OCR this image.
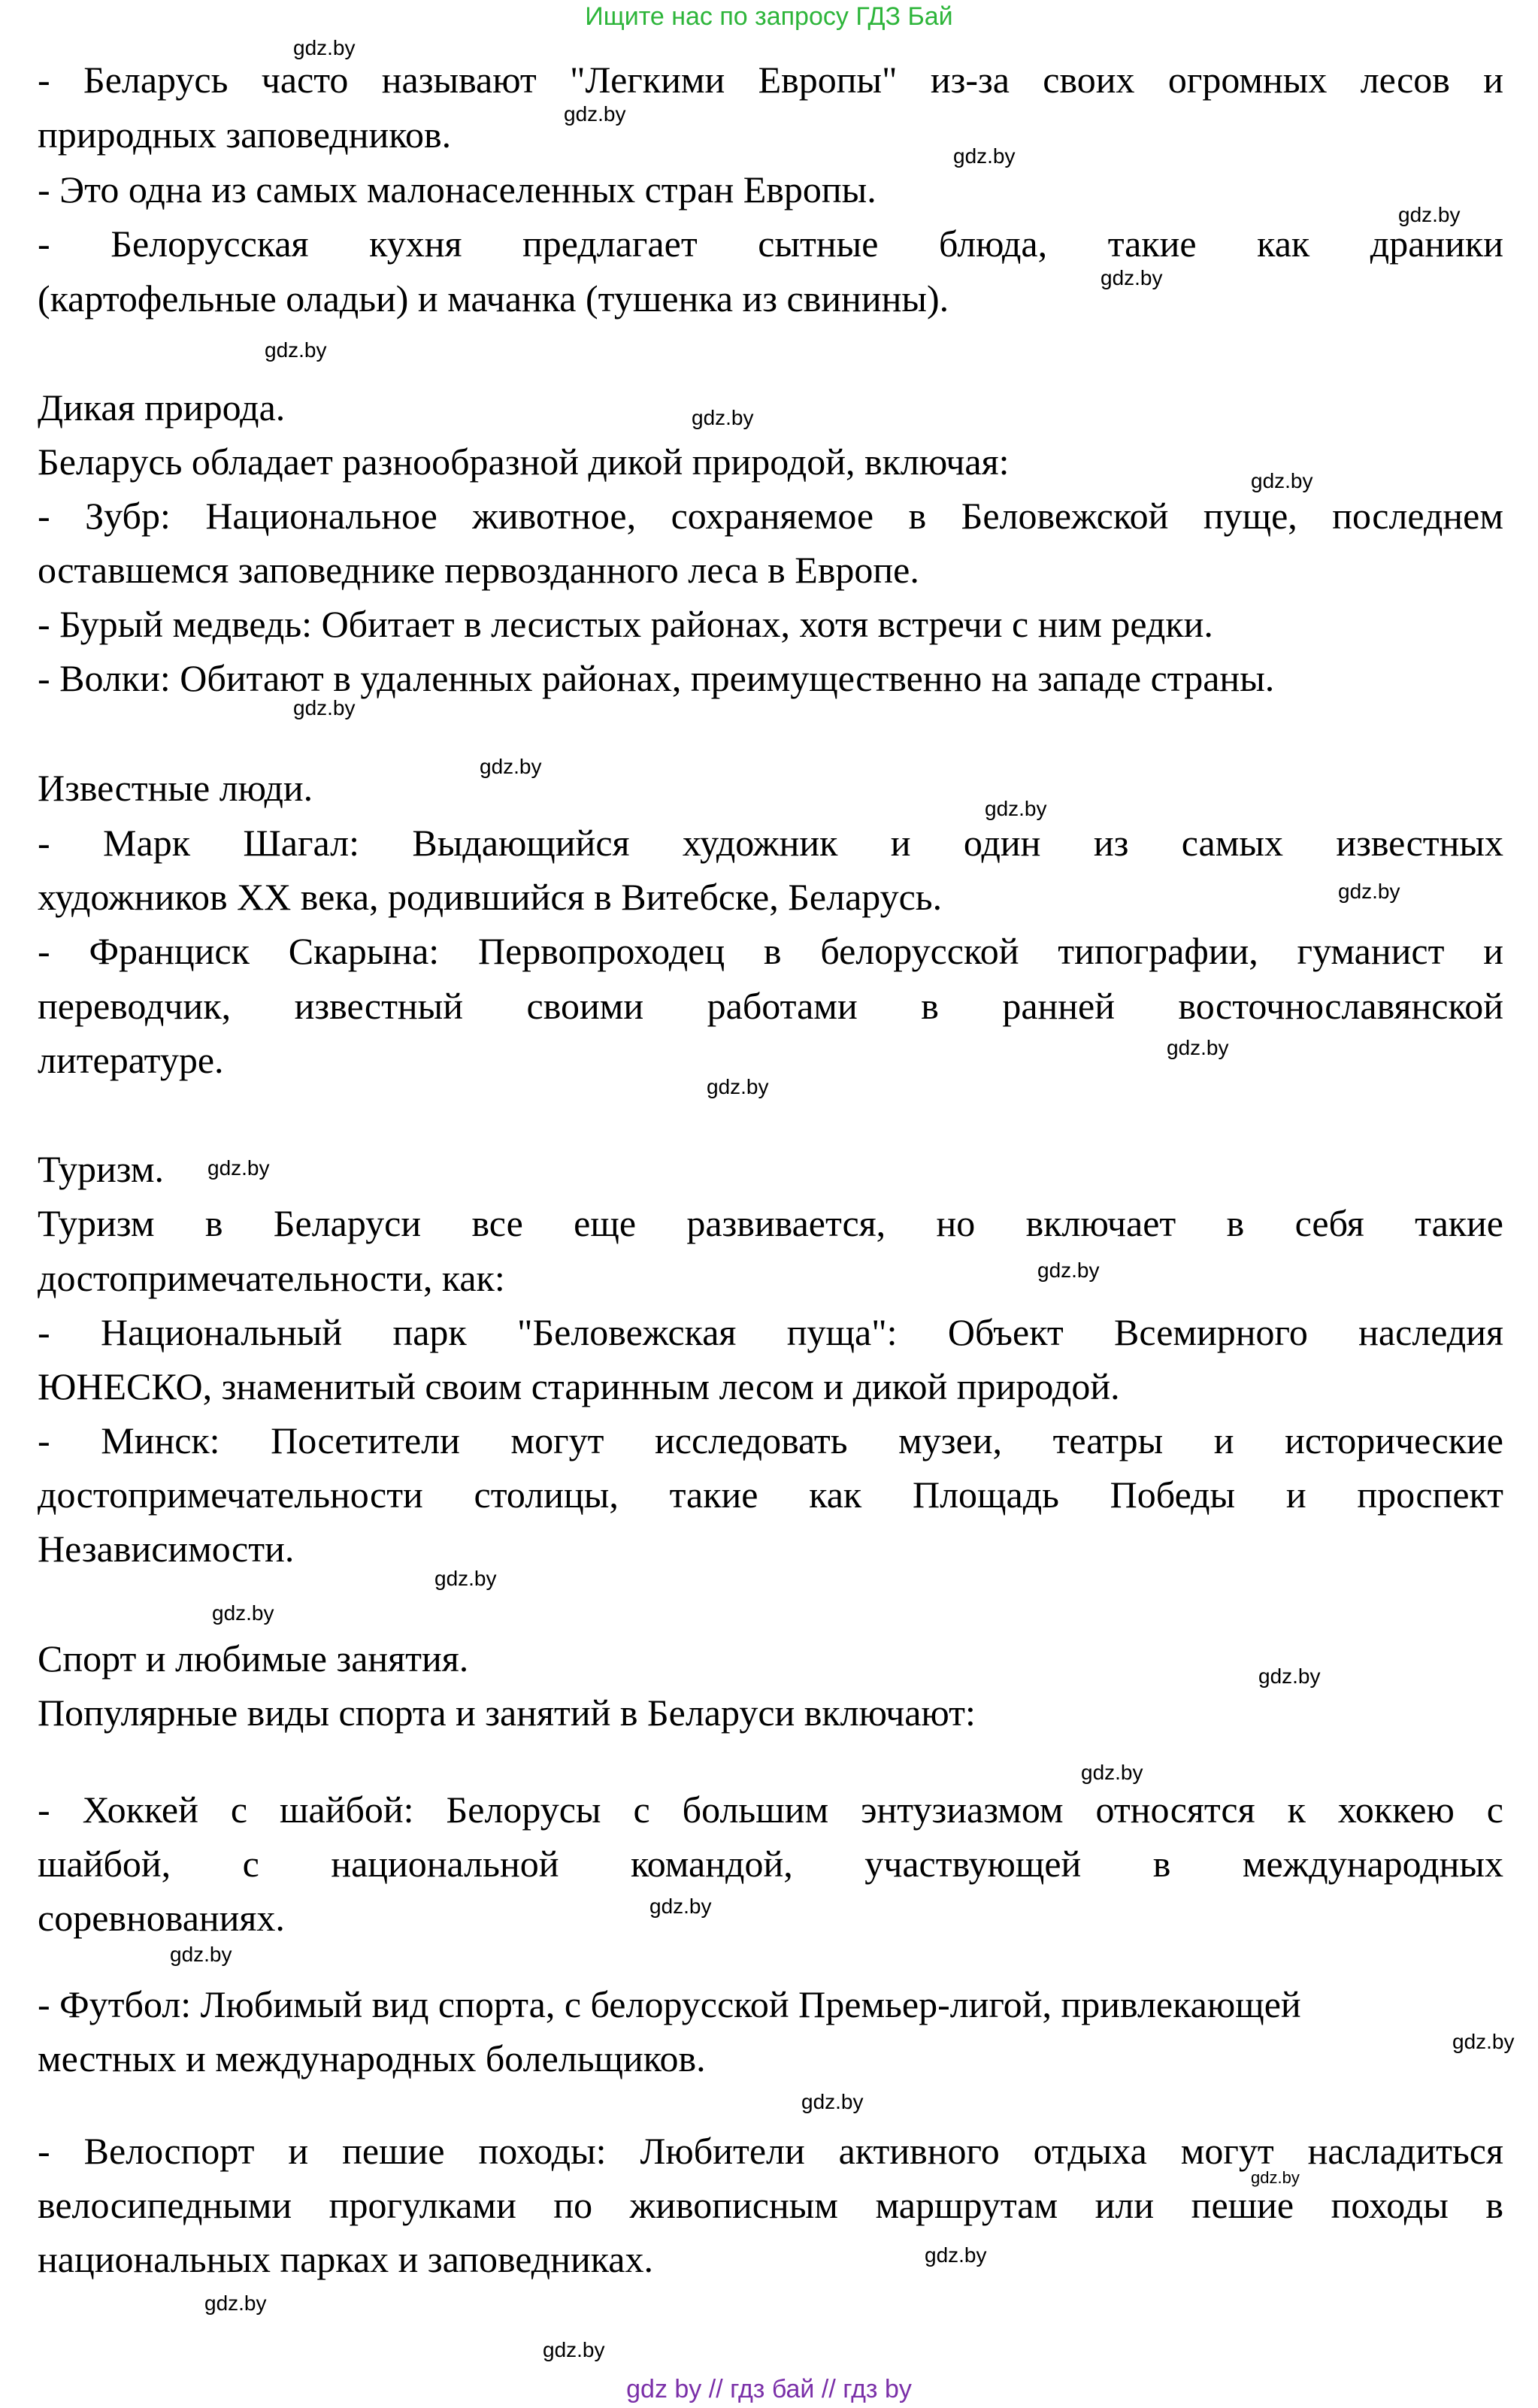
Ищите нас по запросу ГДЗ Бай

- Беларусь часто называют "Легкими Европы" из-за своих огромных лесов и

природных заповедников.

- Это одна из самых малонаселенных стран Европы.

- Белорусская кухня предлагает сытные блюда, такие как драники

(картофельные оладьи) и мачанка (тушенка из свинины).

Дикая природа.

Беларусь обладает разнообразной дикой природой, включая:

- Зубр: Национальное животное, сохраняемое в Беловежской пуще, последнем

оставшемся заповеднике первозданного леса в Европе.

- Бурый медведь: Обитает в лесистых районах, хотя встречи с ним редки.

- Волки: Обитают в удаленных районах, преимущественно на западе страны.

Известные люди.

- Марк Шагал: Выдающийся художник и один из самых известных

художников XX века, родившийся в Витебске, Беларусь.

- Франциск Скарына: Первопроходец в белорусской типографии, гуманист и

переводчик, известный своими работами в ранней восточнославянской

литературе.

Туризм.

Туризм в Беларуси все еще развивается, но включает в себя такие

достопримечательности, как:

- Национальный парк "Беловежская пуща": Объект Всемирного наследия

ЮНЕСКО, знаменитый своим старинным лесом и дикой природой.

- Минск: Посетители могут исследовать музеи, театры и исторические

достопримечательности столицы, такие как Площадь Победы и проспект

Независимости.

Спорт и любимые занятия.

Популярные виды спорта и занятий в Беларуси включают:

- Хоккей с шайбой: Белорусы с большим энтузиазмом относятся к хоккею с

шайбой, с национальной командой, участвующей в международных

соревнованиях.

- Футбол: Любимый вид спорта, с белорусской Премьер-лигой, привлекающей

местных и международных болельщиков.

- Велоспорт и пешие походы: Любители активного отдыха могут насладиться

велосипедными прогулками по живописным маршрутам или пешие походы в

национальных парках и заповедниках.

gdz.by
gdz.by
gdz.by
gdz.by
gdz.by
gdz.by
gdz.by
gdz.by
gdz.by
gdz.by
gdz.by
gdz.by
gdz.by
gdz.by
gdz.by
gdz.by
gdz.by
gdz.by
gdz.by
gdz.by
gdz.by
gdz.by
gdz.by
gdz.by
gdz.by
gdz.by
gdz.by
gdz.by
gdz by // гдз бай // гдз by
